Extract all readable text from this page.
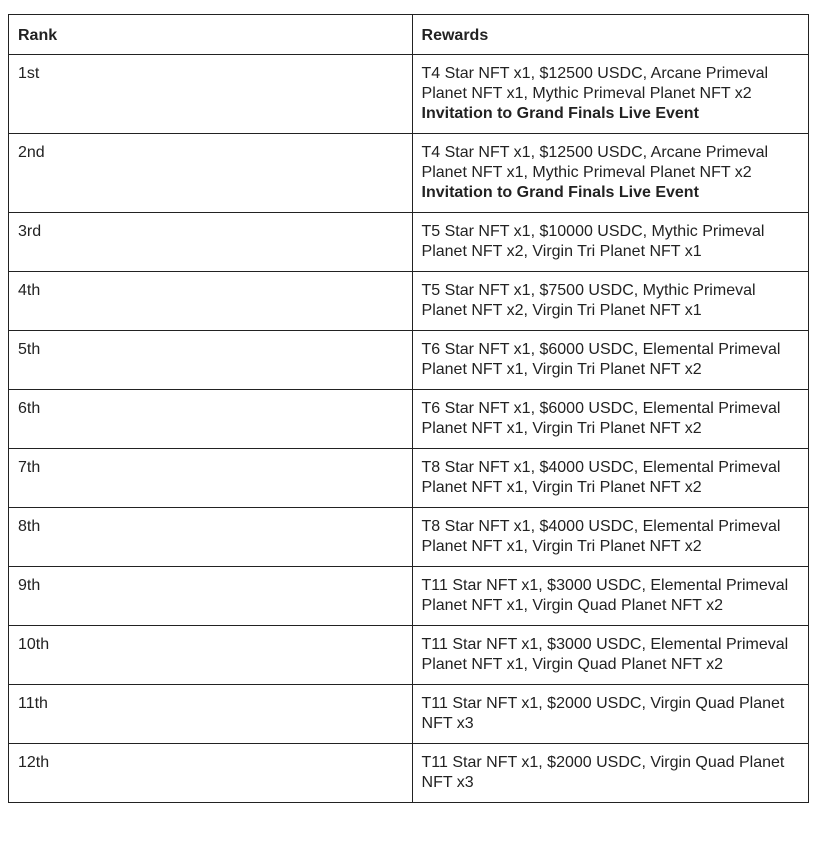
Rank	Rewards
1st	T4 Star NFT x1, $12500 USDC, Arcane Primeval Planet NFT x1, Mythic Primeval Planet NFT x2
Invitation to Grand Finals Live Event

2nd	T4 Star NFT x1, $12500 USDC, Arcane Primeval Planet NFT x1, Mythic Primeval Planet NFT x2
Invitation to Grand Finals Live Event

3rd	T5 Star NFT x1, $10000 USDC, Mythic Primeval Planet NFT x2, Virgin Tri Planet NFT x1
4th	T5 Star NFT x1, $7500 USDC, Mythic Primeval Planet NFT x2, Virgin Tri Planet NFT x1
5th	T6 Star NFT x1, $6000 USDC, Elemental Primeval Planet NFT x1, Virgin Tri Planet NFT x2
6th	T6 Star NFT x1, $6000 USDC, Elemental Primeval Planet NFT x1, Virgin Tri Planet NFT x2
7th	T8 Star NFT x1, $4000 USDC, Elemental Primeval Planet NFT x1, Virgin Tri Planet NFT x2
8th	T8 Star NFT x1, $4000 USDC, Elemental Primeval Planet NFT x1, Virgin Tri Planet NFT x2
9th	T11 Star NFT x1, $3000 USDC, Elemental Primeval Planet NFT x1, Virgin Quad Planet NFT x2
10th	T11 Star NFT x1, $3000 USDC, Elemental Primeval Planet NFT x1, Virgin Quad Planet NFT x2
11th	T11 Star NFT x1, $2000 USDC, Virgin Quad Planet NFT x3
12th	T11 Star NFT x1, $2000 USDC, Virgin Quad Planet NFT x3
